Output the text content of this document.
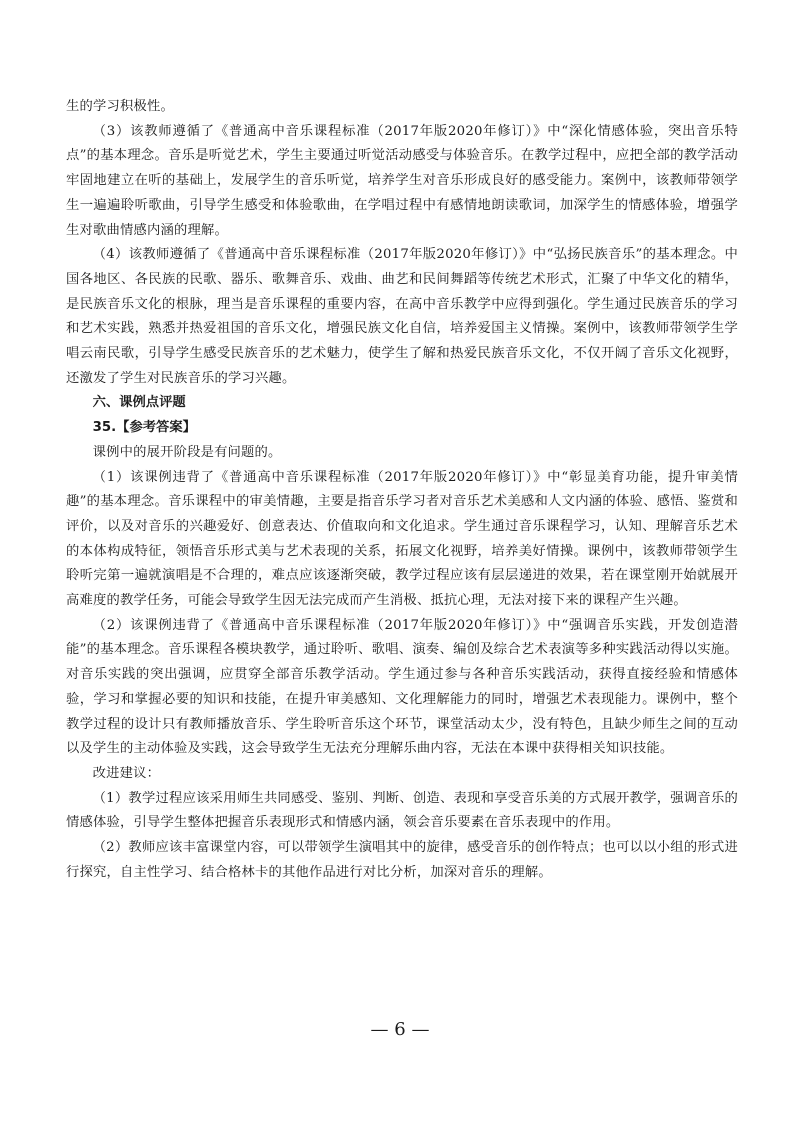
生的学习积极性。

（3）该教师遵循了《普通高中音乐课程标准（2017年版2020年修订）》中“深化情感体验，突出音乐特点”的基本理念。音乐是听觉艺术，学生主要通过听觉活动感受与体验音乐。在教学过程中，应把全部的教学活动牢固地建立在听的基础上，发展学生的音乐听觉，培养学生对音乐形成良好的感受能力。案例中，该教师带领学生一遍遍聆听歌曲，引导学生感受和体验歌曲，在学唱过程中有感情地朗读歌词，加深学生的情感体验，增强学生对歌曲情感内涵的理解。

（4）该教师遵循了《普通高中音乐课程标准（2017年版2020年修订）》中“弘扬民族音乐”的基本理念。中国各地区、各民族的民歌、器乐、歌舞音乐、戏曲、曲艺和民间舞蹈等传统艺术形式，汇聚了中华文化的精华，是民族音乐文化的根脉，理当是音乐课程的重要内容，在高中音乐教学中应得到强化。学生通过民族音乐的学习和艺术实践，熟悉并热爱祖国的音乐文化，增强民族文化自信，培养爱国主义情操。案例中，该教师带领学生学唱云南民歌，引导学生感受民族音乐的艺术魅力，使学生了解和热爱民族音乐文化，不仅开阔了音乐文化视野，还激发了学生对民族音乐的学习兴趣。

六、课例点评题

35.【参考答案】

课例中的展开阶段是有问题的。

（1）该课例违背了《普通高中音乐课程标准（2017年版2020年修订）》中“彰显美育功能，提升审美情趣”的基本理念。音乐课程中的审美情趣，主要是指音乐学习者对音乐艺术美感和人文内涵的体验、感悟、鉴赏和评价，以及对音乐的兴趣爱好、创意表达、价值取向和文化追求。学生通过音乐课程学习，认知、理解音乐艺术的本体构成特征，领悟音乐形式美与艺术表现的关系，拓展文化视野，培养美好情操。课例中，该教师带领学生聆听完第一遍就演唱是不合理的，难点应该逐渐突破，教学过程应该有层层递进的效果，若在课堂刚开始就展开高难度的教学任务，可能会导致学生因无法完成而产生消极、抵抗心理，无法对接下来的课程产生兴趣。

（2）该课例违背了《普通高中音乐课程标准（2017年版2020年修订）》中“强调音乐实践，开发创造潜能”的基本理念。音乐课程各模块教学，通过聆听、歌唱、演奏、编创及综合艺术表演等多种实践活动得以实施。对音乐实践的突出强调，应贯穿全部音乐教学活动。学生通过参与各种音乐实践活动，获得直接经验和情感体验，学习和掌握必要的知识和技能，在提升审美感知、文化理解能力的同时，增强艺术表现能力。课例中，整个教学过程的设计只有教师播放音乐、学生聆听音乐这个环节，课堂活动太少，没有特色，且缺少师生之间的互动以及学生的主动体验及实践，这会导致学生无法充分理解乐曲内容，无法在本课中获得相关知识技能。

改进建议：

（1）教学过程应该采用师生共同感受、鉴别、判断、创造、表现和享受音乐美的方式展开教学，强调音乐的情感体验，引导学生整体把握音乐表现形式和情感内涵，领会音乐要素在音乐表现中的作用。

（2）教师应该丰富课堂内容，可以带领学生演唱其中的旋律，感受音乐的创作特点；也可以以小组的形式进行探究，自主性学习、结合格林卡的其他作品进行对比分析，加深对音乐的理解。

— 6 —
